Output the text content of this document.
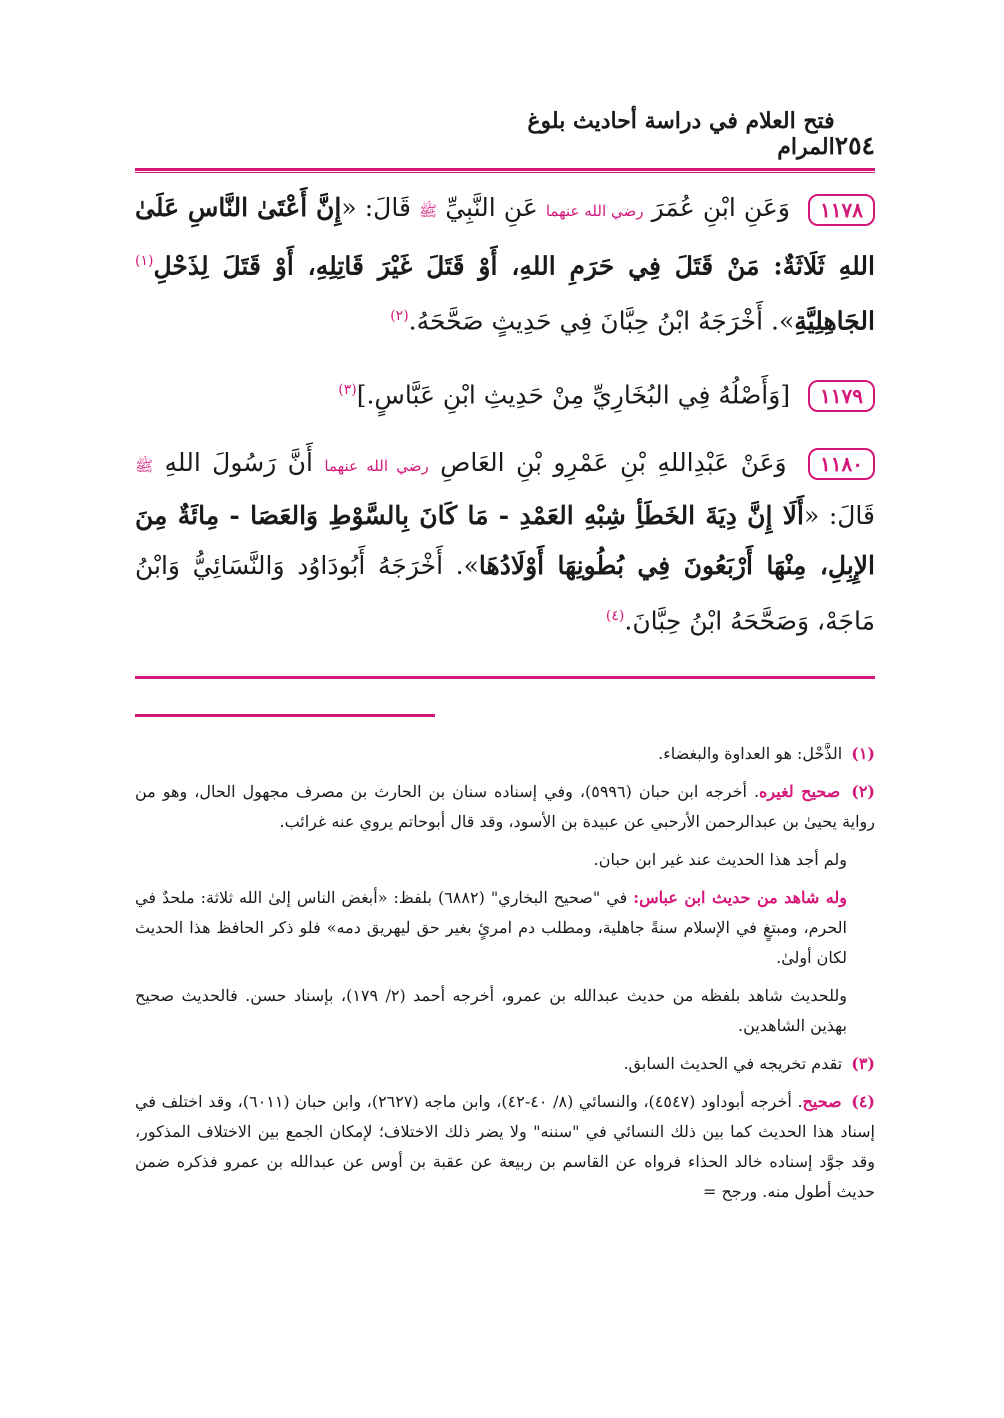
٢٥٤
فتح العلام في دراسة أحاديث بلوغ المرام

١١٧٨ وَعَنِ ابْنِ عُمَرَ رضي الله عنهما عَنِ النَّبِيِّ ﷺ قَالَ: «إِنَّ أَعْتَىٰ النَّاسِ عَلَىٰ اللهِ ثَلَاثَةٌ: مَنْ قَتَلَ فِي حَرَمِ اللهِ، أَوْ قَتَلَ غَيْرَ قَاتِلِهِ، أَوْ قَتَلَ لِذَحْلِ$^{(١)}$ الجَاهِلِيَّةِ». أَخْرَجَهُ ابْنُ حِبَّانَ فِي حَدِيثٍ صَحَّحَهُ.$^{(٢)}$

١١٧٩ [وَأَصْلُهُ فِي البُخَارِيِّ مِنْ حَدِيثِ ابْنِ عَبَّاسٍ.]$^{(٣)}$

١١٨٠ وَعَنْ عَبْدِاللهِ بْنِ عَمْرِو بْنِ العَاصِ رضي الله عنهما أَنَّ رَسُولَ اللهِ ﷺ قَالَ: «أَلَا إِنَّ دِيَةَ الخَطَأِ شِبْهِ العَمْدِ - مَا كَانَ بِالسَّوْطِ وَالعَصَا - مِائَةٌ مِنَ الإِبِلِ، مِنْهَا أَرْبَعُونَ فِي بُطُونِهَا أَوْلَادُهَا». أَخْرَجَهُ أَبُودَاوُد وَالنَّسَائِيُّ وَابْنُ مَاجَهْ، وَصَحَّحَهُ ابْنُ حِبَّانَ.$^{(٤)}$

(١) الذَّحْل: هو العداوة والبغضاء.
(٢) صحيح لغيره. أخرجه ابن حبان (٥٩٩٦)، وفي إسناده سنان بن الحارث بن مصرف مجهول الحال، وهو من رواية يحيىٰ بن عبدالرحمن الأرحبي عن عبيدة بن الأسود، وقد قال أبوحاتم يروي عنه غرائب.
ولم أجد هذا الحديث عند غير ابن حبان.
وله شاهد من حديث ابن عباس: في "صحيح البخاري" (٦٨٨٢) بلفظ: «أبغض الناس إلىٰ الله ثلاثة: ملحدٌ في الحرم، ومبتغٍ في الإسلام سنةً جاهلية، ومطلب دم امرئٍ بغير حق ليهريق دمه» فلو ذكر الحافظ هذا الحديث لكان أولىٰ.
وللحديث شاهد بلفظه من حديث عبدالله بن عمرو، أخرجه أحمد (٢/ ١٧٩)، بإسناد حسن. فالحديث صحيح بهذين الشاهدين.
(٣) تقدم تخريجه في الحديث السابق.
(٤) صحيح. أخرجه أبوداود (٤٥٤٧)، والنسائي (٨/ ٤٠-٤٢)، وابن ماجه (٢٦٢٧)، وابن حبان (٦٠١١)، وقد اختلف في إسناد هذا الحديث كما بين ذلك النسائي في "سننه" ولا يضر ذلك الاختلاف؛ لإمكان الجمع بين الاختلاف المذكور، وقد جوَّد إسناده خالد الحذاء فرواه عن القاسم بن ربيعة عن عقبة بن أوس عن عبدالله بن عمرو فذكره ضمن حديث أطول منه. ورجح =
